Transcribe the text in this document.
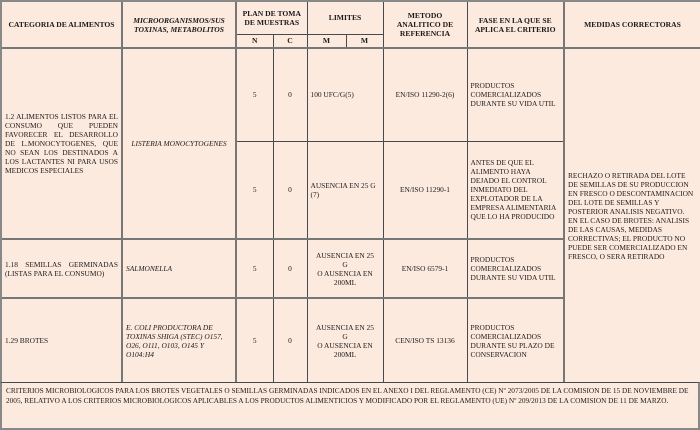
CATEGORIA DE ALIMENTOS	MICROORGANISMOS/SUS TOXINAS, METABOLITOS	PLAN DE TOMA DE MUESTRAS		LIMITES		METODO ANALITICO DE REFERENCIA	FASE EN LA QUE SE APLICA EL CRITERIO	MEDIDAS CORRECTORAS
		N	C	M	M			
1.2 ALIMENTOS LISTOS PARA EL CONSUMO QUE PUEDEN FAVORECER EL DESARROLLO DE L.MONOCYTOGENES, QUE NO SEAN LOS DESTINADOS A LOS LACTANTES NI PARA USOS MEDICOS ESPECIALES	LISTERIA MONOCYTOGENES	5	0	100 UFC/G(5)		EN/ISO 11290-2(6)	PRODUCTOS COMERCIALIZADOS DURANTE SU VIDA UTIL	RECHAZO O RETIRADA DEL LOTE DE SEMILLAS DE SU PRODUCCION EN FRESCO O DESCONTAMINACION DEL LOTE DE SEMILLAS Y POSTERIOR ANALISIS NEGATIVO.
EN EL CASO DE BROTES: ANALISIS DE LAS CAUSAS, MEDIDAS CORRECTIVAS; EL PRODUCTO NO PUEDE SER COMERCIALIZADO EN FRESCO, O SERA RETIRADO

		5	0	AUSENCIA EN 25 G (7)		EN/ISO 11290-1	ANTES DE QUE EL ALIMENTO HAYA DEJADO EL CONTROL INMEDIATO DEL EXPLOTADOR DE LA EMPRESA ALIMENTARIA QUE LO HA PRODUCIDO	
1.18 SEMILLAS GERMINADAS (LISTAS PARA EL CONSUMO)	SALMONELLA	5	0	AUSENCIA EN 25
G
O AUSENCIA EN
200ML		EN/ISO 6579-1	PRODUCTOS COMERCIALIZADOS DURANTE SU VIDA UTIL	
1.29 BROTES	E. COLI PRODUCTORA DE TOXINAS SHIGA (STEC) O157, O26, O111, O103, O145 Y O104:H4	5	0	AUSENCIA EN 25
G
O AUSENCIA EN
200ML		CEN/ISO TS 13136	PRODUCTOS COMERCIALIZADOS DURANTE SU PLAZO DE CONSERVACION	
CRITERIOS MICROBIOLOGICOS PARA LOS BROTES VEGETALES O SEMILLAS GERMINADAS INDICADOS EN EL ANEXO I DEL REGLAMENTO (CE) Nº 2073/2005 DE LA COMISION DE 15 DE NOVIEMBRE DE 2005, RELATIVO A LOS CRITERIOS MICROBIOLOGICOS APLICABLES A LOS PRODUCTOS ALIMENTICIOS Y MODIFICADO POR EL REGLAMENTO (UE) Nº 209/2013 DE LA COMISION DE 11 DE MARZO.
